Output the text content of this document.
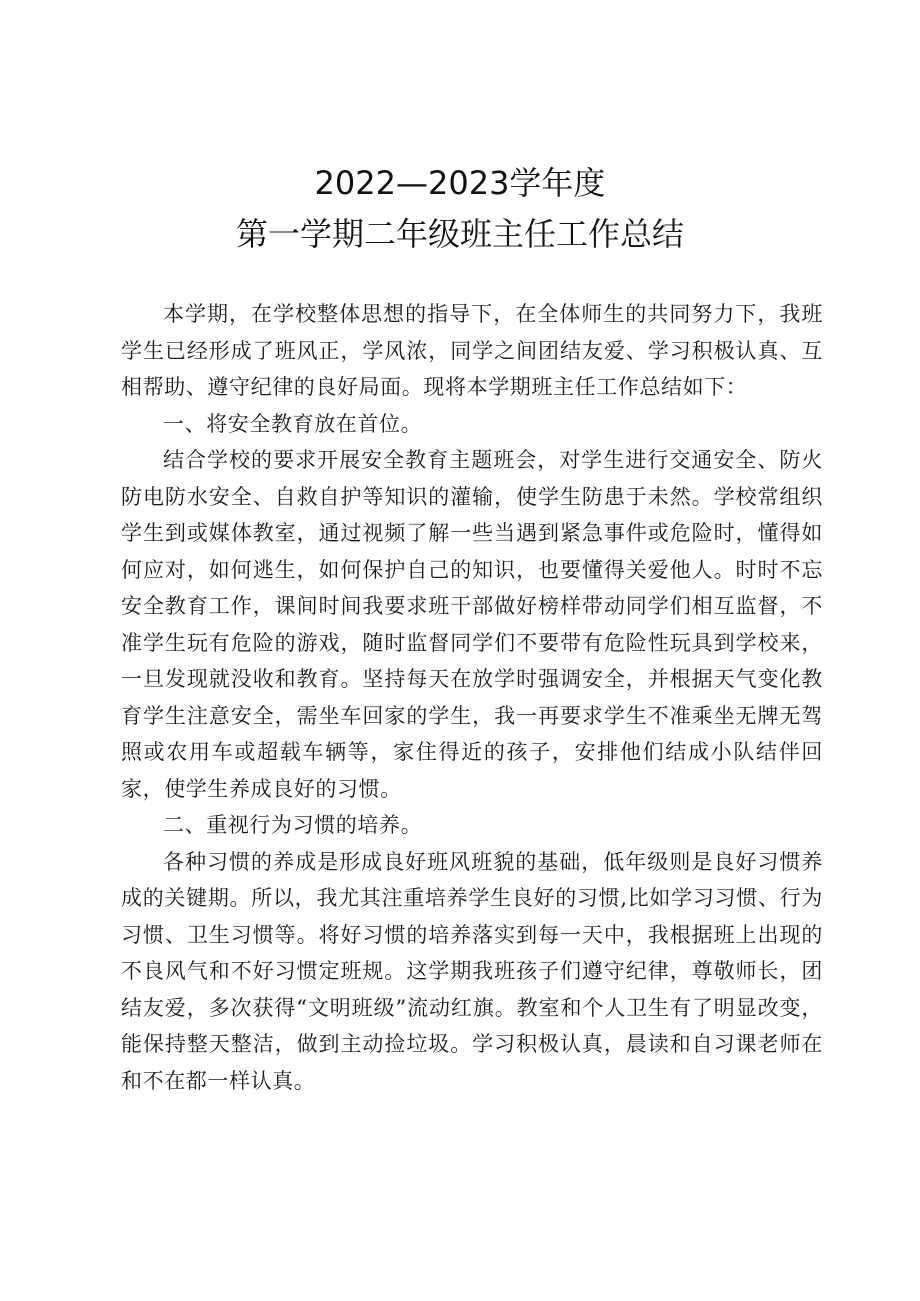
2022—2023学年度
第一学期二年级班主任工作总结

本学期，在学校整体思想的指导下，在全体师生的共同努力下，我班学生已经形成了班风正，学风浓，同学之间团结友爱、学习积极认真、互相帮助、遵守纪律的良好局面。现将本学期班主任工作总结如下：

一、将安全教育放在首位。

结合学校的要求开展安全教育主题班会，对学生进行交通安全、防火防电防水安全、自救自护等知识的灌输，使学生防患于未然。学校常组织学生到或媒体教室，通过视频了解一些当遇到紧急事件或危险时，懂得如何应对，如何逃生，如何保护自己的知识，也要懂得关爱他人。时时不忘安全教育工作，课间时间我要求班干部做好榜样带动同学们相互监督，不准学生玩有危险的游戏，随时监督同学们不要带有危险性玩具到学校来，一旦发现就没收和教育。坚持每天在放学时强调安全，并根据天气变化教育学生注意安全，需坐车回家的学生，我一再要求学生不准乘坐无牌无驾照或农用车或超载车辆等，家住得近的孩子，安排他们结成小队结伴回家，使学生养成良好的习惯。

二、重视行为习惯的培养。

各种习惯的养成是形成良好班风班貌的基础，低年级则是良好习惯养成的关键期。所以，我尤其注重培养学生良好的习惯,比如学习习惯、行为习惯、卫生习惯等。将好习惯的培养落实到每一天中，我根据班上出现的不良风气和不好习惯定班规。这学期我班孩子们遵守纪律，尊敬师长，团结友爱，多次获得“文明班级”流动红旗。教室和个人卫生有了明显改变，能保持整天整洁，做到主动捡垃圾。学习积极认真，晨读和自习课老师在和不在都一样认真。
